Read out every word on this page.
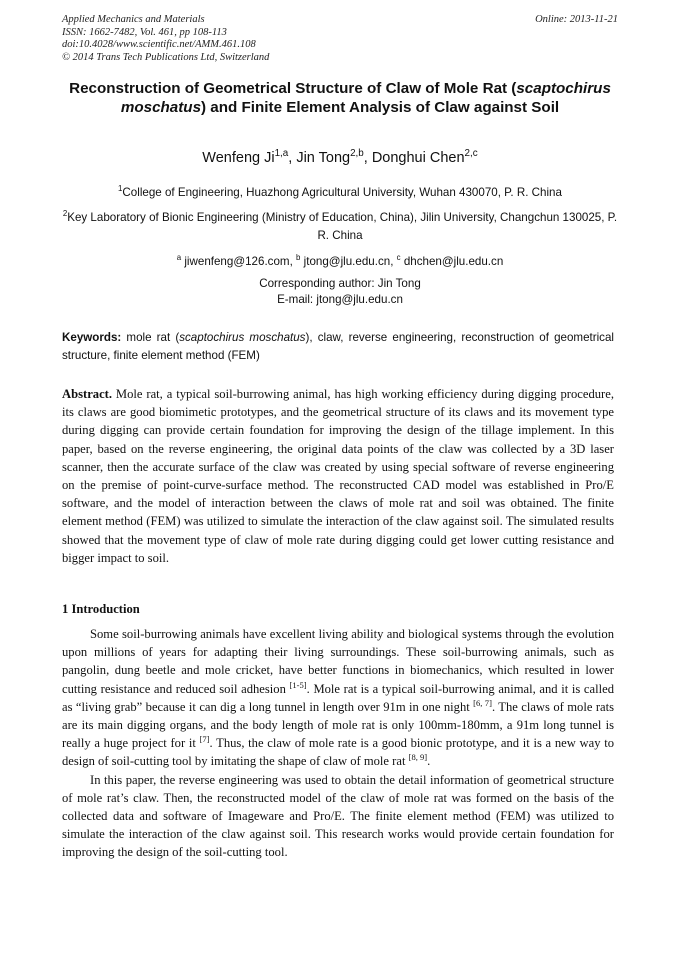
Applied Mechanics and Materials
ISSN: 1662-7482, Vol. 461, pp 108-113
doi:10.4028/www.scientific.net/AMM.461.108
© 2014 Trans Tech Publications Ltd, Switzerland
Online: 2013-11-21
Reconstruction of Geometrical Structure of Claw of Mole Rat (scaptochirus moschatus) and Finite Element Analysis of Claw against Soil
Wenfeng Ji$^{1,a}$, Jin Tong$^{2,b}$, Donghui Chen$^{2,c}$
$^1$College of Engineering, Huazhong Agricultural University, Wuhan 430070, P. R. China
$^2$Key Laboratory of Bionic Engineering (Ministry of Education, China), Jilin University, Changchun 130025, P. R. China
$^a$ jiwenfeng@126.com, $^b$ jtong@jlu.edu.cn, $^c$ dhchen@jlu.edu.cn
Corresponding author: Jin Tong
E-mail: jtong@jlu.edu.cn
Keywords: mole rat (scaptochirus moschatus), claw, reverse engineering, reconstruction of geometrical structure, finite element method (FEM)

Abstract. Mole rat, a typical soil-burrowing animal, has high working efficiency during digging procedure, its claws are good biomimetic prototypes, and the geometrical structure of its claws and its movement type during digging can provide certain foundation for improving the design of the tillage implement. In this paper, based on the reverse engineering, the original data points of the claw was collected by a 3D laser scanner, then the accurate surface of the claw was created by using special software of reverse engineering on the premise of point-curve-surface method. The reconstructed CAD model was established in Pro/E software, and the model of interaction between the claws of mole rat and soil was obtained. The finite element method (FEM) was utilized to simulate the interaction of the claw against soil. The simulated results showed that the movement type of claw of mole rate during digging could get lower cutting resistance and bigger impact to soil.

1 Introduction

Some soil-burrowing animals have excellent living ability and biological systems through the evolution upon millions of years for adapting their living surroundings. These soil-burrowing animals, such as pangolin, dung beetle and mole cricket, have better functions in biomechanics, which resulted in lower cutting resistance and reduced soil adhesion [1-5]. Mole rat is a typical soil-burrowing animal, and it is called as “living grab” because it can dig a long tunnel in length over 91m in one night [6, 7]. The claws of mole rats are its main digging organs, and the body length of mole rat is only 100mm-180mm, a 91m long tunnel is really a huge project for it [7]. Thus, the claw of mole rate is a good bionic prototype, and it is a new way to design of soil-cutting tool by imitating the shape of claw of mole rat [8, 9].

In this paper, the reverse engineering was used to obtain the detail information of geometrical structure of mole rat’s claw. Then, the reconstructed model of the claw of mole rat was formed on the basis of the collected data and software of Imageware and Pro/E. The finite element method (FEM) was utilized to simulate the interaction of the claw against soil. This research works would provide certain foundation for improving the design of the soil-cutting tool.
